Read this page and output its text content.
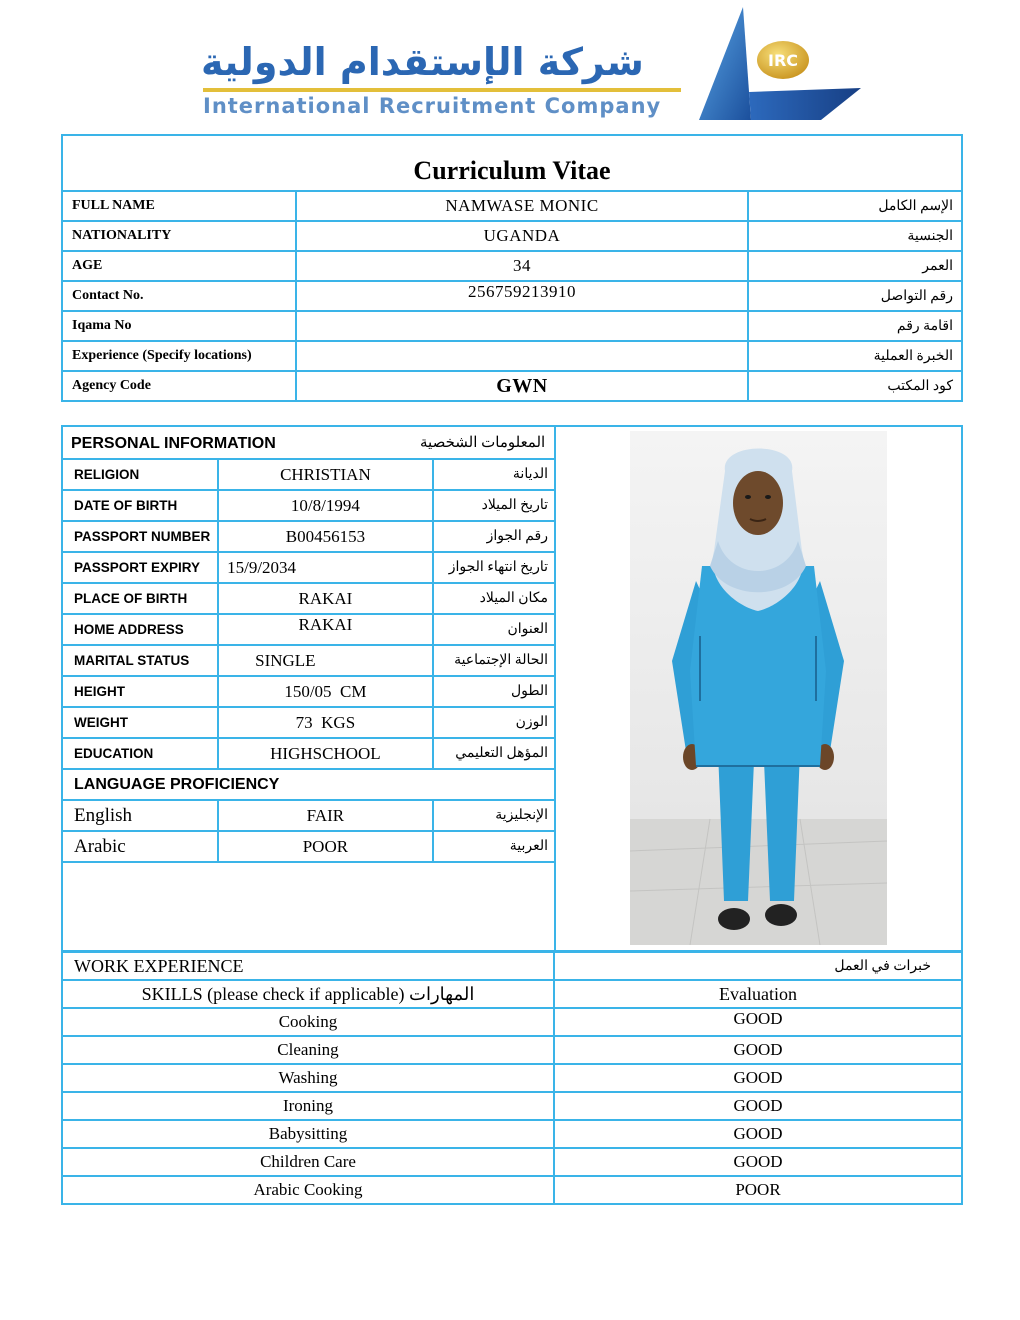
شركة الإستقدام الدولية
International Recruitment Company
IRC
Curriculum Vitae		
FULL NAME	NAMWASE MONIC	الإسم الكامل
NATIONALITY	UGANDA	الجنسية
AGE	34	العمر
Contact No.	256759213910	رقم التواصل
Iqama No		اقامة رقم
Experience (Specify locations)		الخبرة العملية
Agency Code	GWN	كود المكتب
PERSONAL INFORMATION	المعلومات الشخصية
RELIGION	CHRISTIAN	الديانة
DATE OF BIRTH	10/8/1994	تاريخ الميلاد
PASSPORT NUMBER	B00456153	رقم الجواز
PASSPORT EXPIRY	15/9/2034	تاريخ انتهاء الجواز
PLACE OF BIRTH	RAKAI	مكان الميلاد
HOME ADDRESS	RAKAI	العنوان
MARITAL STATUS	SINGLE	الحالة الإجتماعية
HEIGHT	150/05  CM	الطول
WEIGHT	73  KGS	الوزن
EDUCATION	HIGHSCHOOL	المؤهل التعليمي
LANGUAGE PROFICIENCY		
English	FAIR	الإنجليزية
Arabic	POOR	العربية
WORK EXPERIENCE	خبرات في العمل
SKILLS (please check if applicable) المهارات	Evaluation
Cooking	GOOD
Cleaning	GOOD
Washing	GOOD
Ironing	GOOD
Babysitting	GOOD
Children Care	GOOD
Arabic Cooking	POOR
